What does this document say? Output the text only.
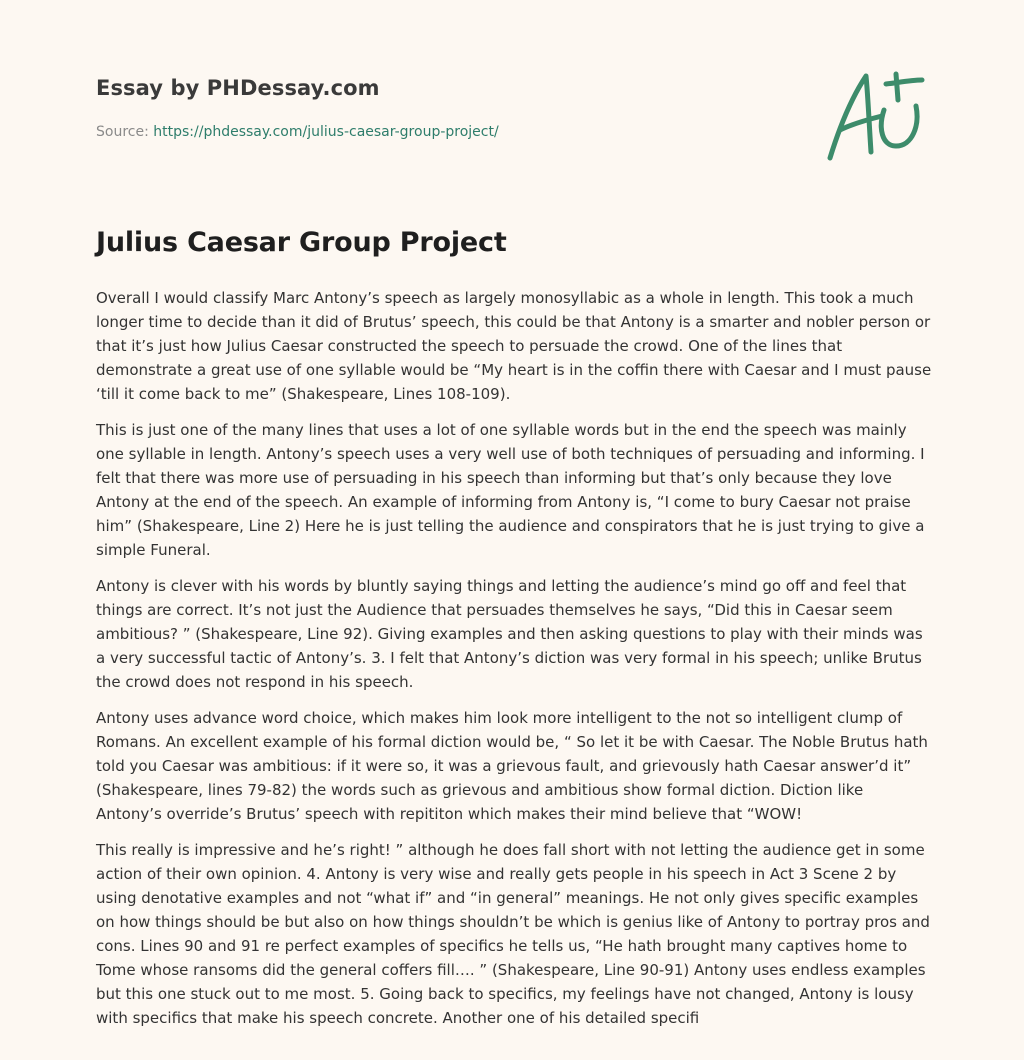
Essay by PHDessay.com
Source: https://phdessay.com/julius-caesar-group-project/
Julius Caesar Group Project

Overall I would classify Marc Antony’s speech as largely monosyllabic as a whole in length. This took a much longer time to decide than it did of Brutus’ speech, this could be that Antony is a smarter and nobler person or that it’s just how Julius Caesar constructed the speech to persuade the crowd. One of the lines that demonstrate a great use of one syllable would be “My heart is in the coffin there with Caesar and I must pause ‘till it come back to me” (Shakespeare, Lines 108-109).

This is just one of the many lines that uses a lot of one syllable words but in the end the speech was mainly one syllable in length. Antony’s speech uses a very well use of both techniques of persuading and informing. I felt that there was more use of persuading in his speech than informing but that’s only because they love Antony at the end of the speech. An example of informing from Antony is, “I come to bury Caesar not praise him” (Shakespeare, Line 2) Here he is just telling the audience and conspirators that he is just trying to give a simple Funeral.

Antony is clever with his words by bluntly saying things and letting the audience’s mind go off and feel that things are correct. It’s not just the Audience that persuades themselves he says, “Did this in Caesar seem ambitious? ” (Shakespeare, Line 92). Giving examples and then asking questions to play with their minds was a very successful tactic of Antony’s. 3. I felt that Antony’s diction was very formal in his speech; unlike Brutus the crowd does not respond in his speech.

Antony uses advance word choice, which makes him look more intelligent to the not so intelligent clump of Romans. An excellent example of his formal diction would be, “ So let it be with Caesar. The Noble Brutus hath told you Caesar was ambitious: if it were so, it was a grievous fault, and grievously hath Caesar answer’d it” (Shakespeare, lines 79-82) the words such as grievous and ambitious show formal diction. Diction like Antony’s override’s Brutus’ speech with repititon which makes their mind believe that “WOW!

This really is impressive and he’s right! ” although he does fall short with not letting the audience get in some action of their own opinion. 4. Antony is very wise and really gets people in his speech in Act 3 Scene 2 by using denotative examples and not “what if” and “in general” meanings. He not only gives specific examples on how things should be but also on how things shouldn’t be which is genius like of Antony to portray pros and cons. Lines 90 and 91 re perfect examples of specifics he tells us, “He hath brought many captives home to Tome whose ransoms did the general coffers fill…. ” (Shakespeare, Line 90-91) Antony uses endless examples but this one stuck out to me most. 5. Going back to specifics, my feelings have not changed, Antony is lousy with specifics that make his speech concrete. Another one of his detailed specifi
